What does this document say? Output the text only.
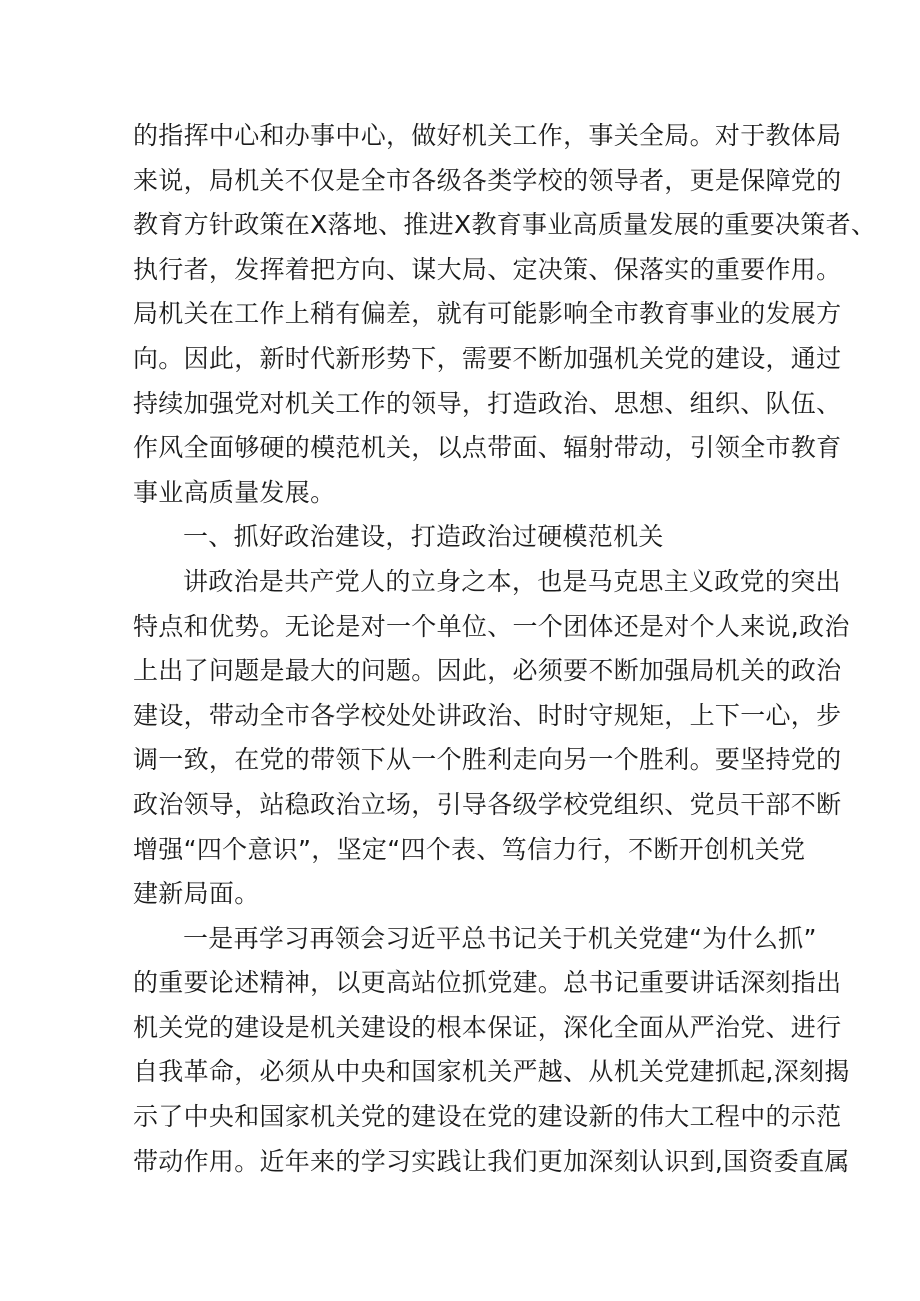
的指挥中心和办事中心，做好机关工作，事关全局。对于教体局
来说，局机关不仅是全市各级各类学校的领导者，更是保障党的
教育方针政策在X落地、推进X教育事业高质量发展的重要决策者、
执行者，发挥着把方向、谋大局、定决策、保落实的重要作用。
局机关在工作上稍有偏差，就有可能影响全市教育事业的发展方
向。因此，新时代新形势下，需要不断加强机关党的建设，通过
持续加强党对机关工作的领导，打造政治、思想、组织、队伍、
作风全面够硬的模范机关，以点带面、辐射带动，引领全市教育
事业高质量发展。
一、抓好政治建设，打造政治过硬模范机关
讲政治是共产党人的立身之本，也是马克思主义政党的突出
特点和优势。无论是对一个单位、一个团体还是对个人来说,政治
上出了问题是最大的问题。因此，必须要不断加强局机关的政治
建设，带动全市各学校处处讲政治、时时守规矩，上下一心，步
调一致，在党的带领下从一个胜利走向另一个胜利。要坚持党的
政治领导，站稳政治立场，引导各级学校党组织、党员干部不断
增强“四个意识”，坚定“四个表、笃信力行，不断开创机关党
建新局面。
一是再学习再领会习近平总书记关于机关党建“为什么抓”
的重要论述精神，以更高站位抓党建。总书记重要讲话深刻指出
机关党的建设是机关建设的根本保证，深化全面从严治党、进行
自我革命，必须从中央和国家机关严越、从机关党建抓起,深刻揭
示了中央和国家机关党的建设在党的建设新的伟大工程中的示范
带动作用。近年来的学习实践让我们更加深刻认识到,国资委直属
